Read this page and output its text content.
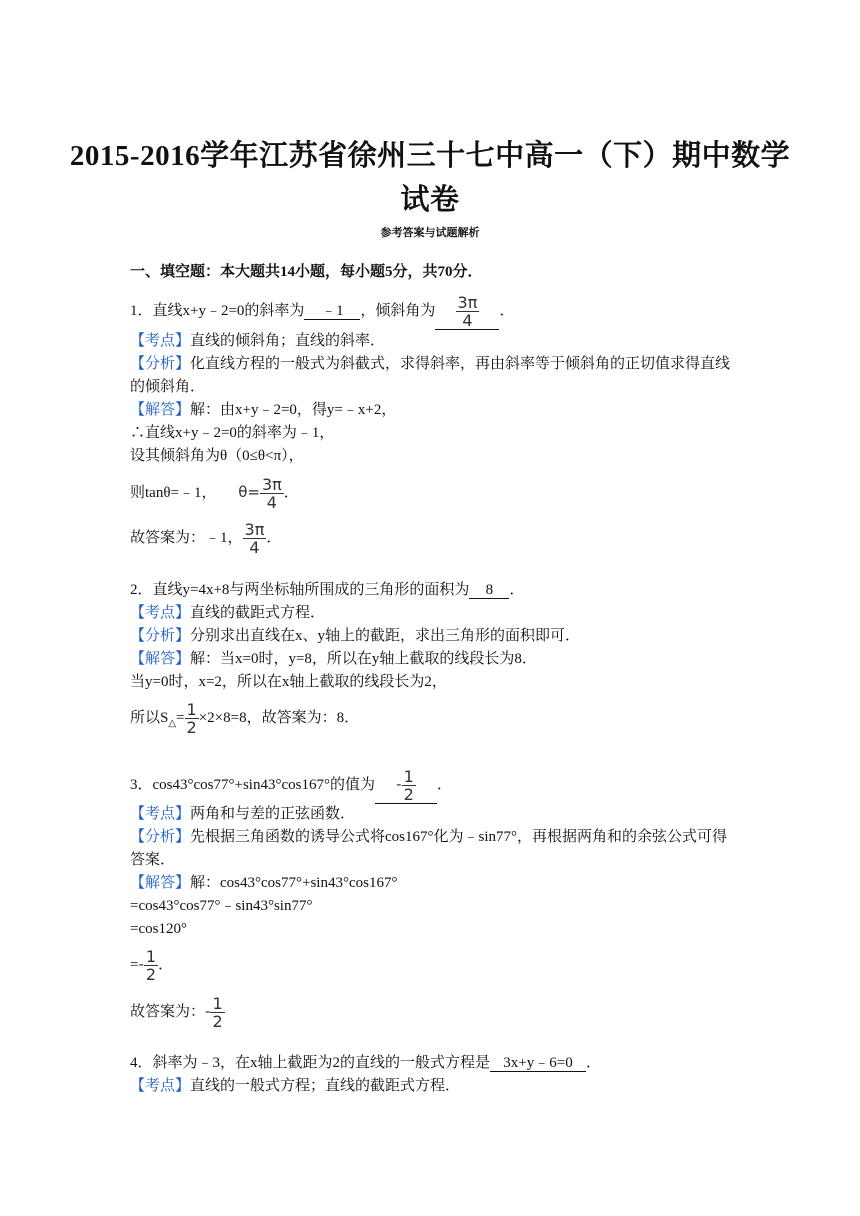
2015-2016学年江苏省徐州三十七中高一（下）期中数学
试卷
参考答案与试题解析
一、填空题：本大题共14小题，每小题5分，共70分．
1．直线x+y﹣2=0的斜率为 ﹣1 ，倾斜角为 $\frac{3\pi}{4}$ ．
【考点】直线的倾斜角；直线的斜率．
【分析】化直线方程的一般式为斜截式，求得斜率，再由斜率等于倾斜角的正切值求得直线
的倾斜角．
【解答】解：由x+y﹣2=0，得y=﹣x+2，
∴直线x+y﹣2=0的斜率为﹣1，
设其倾斜角为θ（0≤θ<π），
则tanθ=﹣1， $\theta= \frac{3\pi}{4}$ ．
故答案为：﹣1， $\frac{3\pi}{4}$ ．
2．直线y=4x+8与两坐标轴所围成的三角形的面积为 8 ．
【考点】直线的截距式方程．
【分析】分别求出直线在x、y轴上的截距，求出三角形的面积即可．
【解答】解：当x=0时，y=8，所以在y轴上截取的线段长为8．
当y=0时，x=2，所以在x轴上截取的线段长为2，
所以$S_\triangle= \frac{1}{2} \times 2\times 8=8$，故答案为：8．
3．cos43°cos77°+sin43°cos167°的值为 - $\frac{1}{2}$ ．
【考点】两角和与差的正弦函数．
【分析】先根据三角函数的诱导公式将cos167°化为﹣sin77°，再根据两角和的余弦公式可得
答案．
【解答】解：cos43°cos77°+sin43°cos167°
=cos43°cos77°﹣sin43°sin77°
=cos120°
=- $\frac{1}{2}$ ．
故答案为：- $\frac{1}{2}$
4．斜率为﹣3，在x轴上截距为2的直线的一般式方程是 3x+y﹣6=0 ．
【考点】直线的一般式方程；直线的截距式方程．
